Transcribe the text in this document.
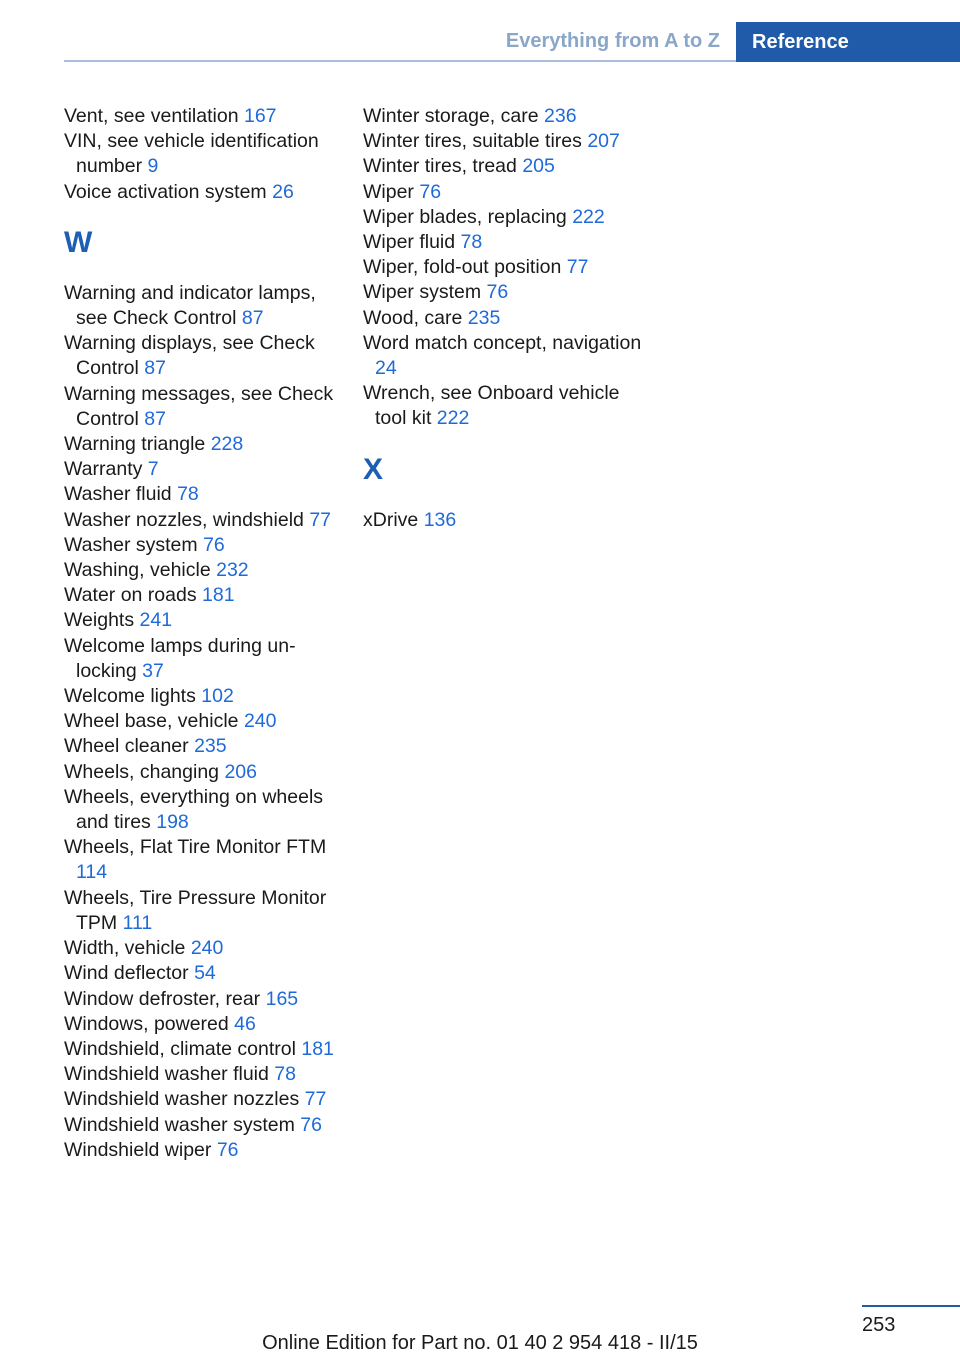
Everything from A to Z	Reference
Vent, see ventilation 167
VIN, see vehicle identification number 9
Voice activation system 26
W
Warning and indicator lamps, see Check Control 87
Warning displays, see Check Control 87
Warning messages, see Check Control 87
Warning triangle 228
Warranty 7
Washer fluid 78
Washer nozzles, windshield 77
Washer system 76
Washing, vehicle 232
Water on roads 181
Weights 241
Welcome lamps during unlocking 37
Welcome lights 102
Wheel base, vehicle 240
Wheel cleaner 235
Wheels, changing 206
Wheels, everything on wheels and tires 198
Wheels, Flat Tire Monitor FTM 114
Wheels, Tire Pressure Monitor TPM 111
Width, vehicle 240
Wind deflector 54
Window defroster, rear 165
Windows, powered 46
Windshield, climate control 181
Windshield washer fluid 78
Windshield washer nozzles 77
Windshield washer system 76
Windshield wiper 76
Winter storage, care 236
Winter tires, suitable tires 207
Winter tires, tread 205
Wiper 76
Wiper blades, replacing 222
Wiper fluid 78
Wiper, fold-out position 77
Wiper system 76
Wood, care 235
Word match concept, navigation 24
Wrench, see Onboard vehicle tool kit 222
X
xDrive 136
253
Online Edition for Part no. 01 40 2 954 418 - II/15
